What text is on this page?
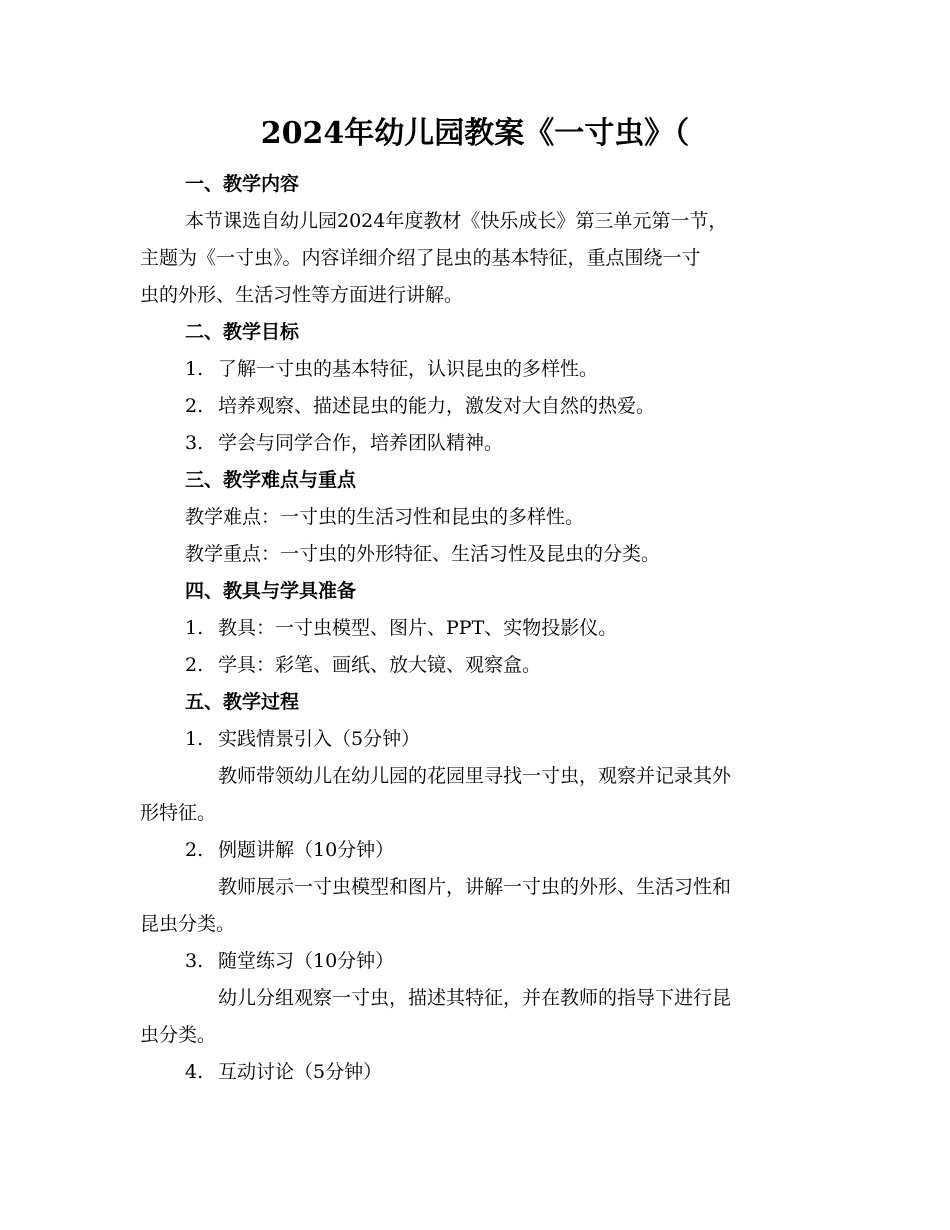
2024年幼儿园教案《一寸虫》（
一、教学内容
本节课选自幼儿园2024年度教材《快乐成长》第三单元第一节，
主题为《一寸虫》。内容详细介绍了昆虫的基本特征，重点围绕一寸
虫的外形、生活习性等方面进行讲解。
二、教学目标
1. 了解一寸虫的基本特征，认识昆虫的多样性。
2. 培养观察、描述昆虫的能力，激发对大自然的热爱。
3. 学会与同学合作，培养团队精神。
三、教学难点与重点
教学难点：一寸虫的生活习性和昆虫的多样性。
教学重点：一寸虫的外形特征、生活习性及昆虫的分类。
四、教具与学具准备
1. 教具：一寸虫模型、图片、PPT、实物投影仪。
2. 学具：彩笔、画纸、放大镜、观察盒。
五、教学过程
1. 实践情景引入（5分钟）
教师带领幼儿在幼儿园的花园里寻找一寸虫，观察并记录其外
形特征。
2. 例题讲解（10分钟）
教师展示一寸虫模型和图片，讲解一寸虫的外形、生活习性和
昆虫分类。
3. 随堂练习（10分钟）
幼儿分组观察一寸虫，描述其特征，并在教师的指导下进行昆
虫分类。
4. 互动讨论（5分钟）
